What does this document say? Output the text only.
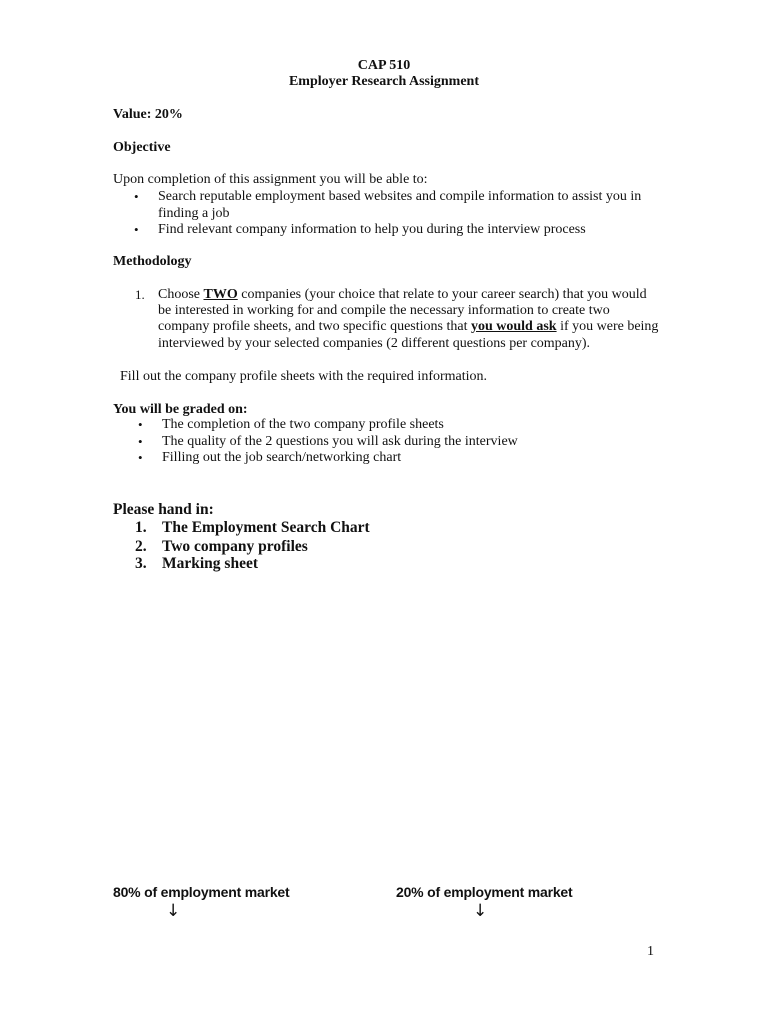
CAP 510
Employer Research Assignment
Value: 20%
Objective
Upon completion of this assignment you will be able to:
• Search reputable employment based websites and compile information to assist you in
finding a job
• Find relevant company information to help you during the interview process
Methodology
1. Choose TWO companies (your choice that relate to your career search) that you would
be interested in working for and compile the necessary information to create two
company profile sheets, and two specific questions that you would ask if you were being
interviewed by your selected companies (2 different questions per company).
Fill out the company profile sheets with the required information.
You will be graded on:
• The completion of the two company profile sheets
• The quality of the 2 questions you will ask during the interview
• Filling out the job search/networking chart
Please hand in:
1. The Employment Search Chart
2. Two company profiles
3. Marking sheet
80% of employment market
↓
20% of employment market
↓
1
